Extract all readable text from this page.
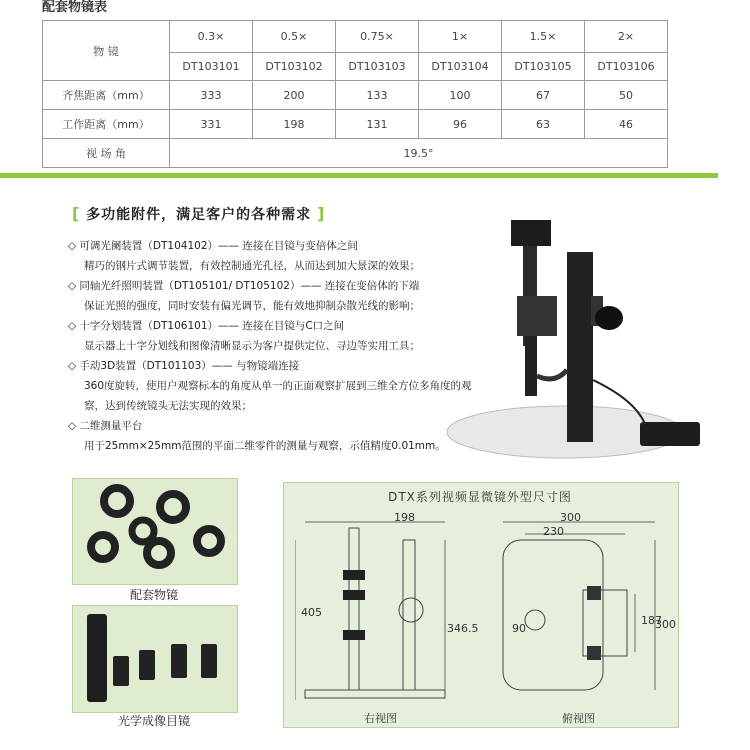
配套物镜表
物 镜	0.3×	0.5×	0.75×	1×	1.5×	2×
	DT103101	DT103102	DT103103	DT103104	DT103105	DT103106
齐焦距离（mm）	333	200	133	100	67	50
工作距离（mm）	331	198	131	96	63	46
视 场 角	19.5°					
[ 多功能附件，满足客户的各种需求 ]
◇ 可调光阑装置（DT104102）—— 连接在目镜与变倍体之间
精巧的钢片式调节装置，有效控制通光孔径，从而达到加大景深的效果；
◇ 同轴光纤照明装置（DT105101/ DT105102）—— 连接在变倍体的下端
保证光照的强度，同时安装有偏光调节，能有效地抑制杂散光线的影响；
◇ 十字分划装置（DT106101）—— 连接在目镜与C口之间
显示器上十字分划线和图像清晰显示为客户提供定位、寻边等实用工具；
◇ 手动3D装置（DT101103）—— 与物镜端连接
360度旋转，使用户观察标本的角度从单一的正面观察扩展到三维全方位多角度的观察，达到传统镜头无法实现的效果；
◇ 二维测量平台
用于25mm×25mm范围的平面二维零件的测量与观察，示值精度0.01mm。
配套物镜
光学成像目镜
DTX系列视频显微镜外型尺寸图
198
405
346.5
右视图
300
230
187
300
90
俯视图
